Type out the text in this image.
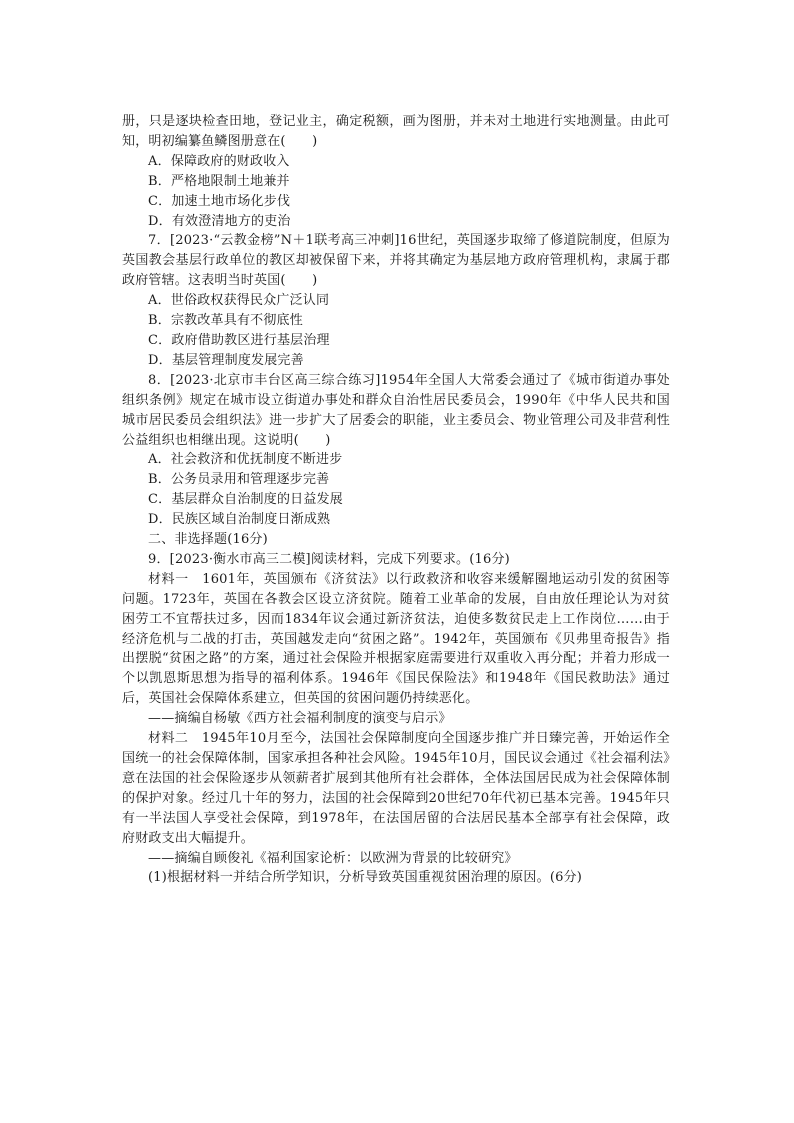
册，只是逐块检查田地，登记业主，确定税额，画为图册，并未对土地进行实地测量。由此可知，明初编纂鱼鳞图册意在(　　)

A．保障政府的财政收入

B．严格地限制土地兼并

C．加速土地市场化步伐

D．有效澄清地方的吏治

7．[2023·“云教金榜”N＋1联考高三冲刺]16世纪，英国逐步取缔了修道院制度，但原为英国教会基层行政单位的教区却被保留下来，并将其确定为基层地方政府管理机构，隶属于郡政府管辖。这表明当时英国(　　)

A．世俗政权获得民众广泛认同

B．宗教改革具有不彻底性

C．政府借助教区进行基层治理

D．基层管理制度发展完善

8．[2023·北京市丰台区高三综合练习]1954年全国人大常委会通过了《城市街道办事处组织条例》规定在城市设立街道办事处和群众自治性居民委员会，1990年《中华人民共和国城市居民委员会组织法》进一步扩大了居委会的职能，业主委员会、物业管理公司及非营利性公益组织也相继出现。这说明(　　)

A．社会救济和优抚制度不断进步

B．公务员录用和管理逐步完善

C．基层群众自治制度的日益发展

D．民族区域自治制度日渐成熟

二、非选择题(16分)

9．[2023·衡水市高三二模]阅读材料，完成下列要求。(16分)

材料一　1601年，英国颁布《济贫法》以行政救济和收容来缓解圈地运动引发的贫困等问题。1723年，英国在各教会区设立济贫院。随着工业革命的发展，自由放任理论认为对贫困劳工不宜帮扶过多，因而1834年议会通过新济贫法，迫使多数贫民走上工作岗位……由于经济危机与二战的打击，英国越发走向“贫困之路”。1942年，英国颁布《贝弗里奇报告》指出摆脱“贫困之路”的方案，通过社会保险并根据家庭需要进行双重收入再分配；并着力形成一个以凯恩斯思想为指导的福利体系。1946年《国民保险法》和1948年《国民救助法》通过后，英国社会保障体系建立，但英国的贫困问题仍持续恶化。

——摘编自杨敏《西方社会福利制度的演变与启示》

材料二　1945年10月至今，法国社会保障制度向全国逐步推广并日臻完善，开始运作全国统一的社会保障体制，国家承担各种社会风险。1945年10月，国民议会通过《社会福利法》意在法国的社会保险逐步从领薪者扩展到其他所有社会群体，全体法国居民成为社会保障体制的保护对象。经过几十年的努力，法国的社会保障到20世纪70年代初已基本完善。1945年只有一半法国人享受社会保障，到1978年，在法国居留的合法居民基本全部享有社会保障，政府财政支出大幅提升。

——摘编自顾俊礼《福利国家论析：以欧洲为背景的比较研究》

(1)根据材料一并结合所学知识，分析导致英国重视贫困治理的原因。(6分)
